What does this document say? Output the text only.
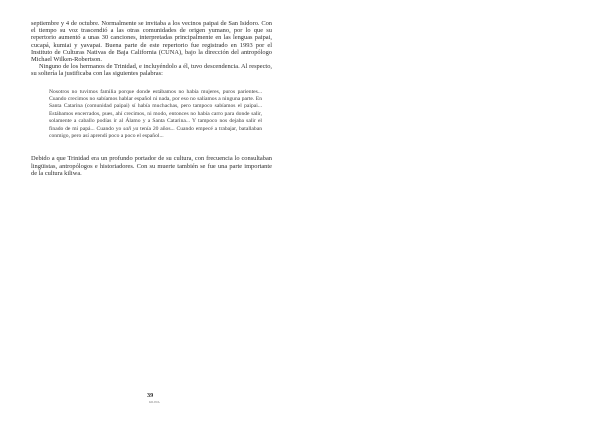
septiembre y 4 de octubre. Normalmente se invitaba a los vecinos paipai de San Isidoro. Con el tiempo su voz trascendió a las otras comunidades de origen yumano, por lo que su repertorio aumentó a unas 30 canciones, interpretadas principalmente en las lenguas paipai, cucapá, kumiai y yavapai. Buena parte de este repertorio fue registrado en 1993 por el Instituto de Culturas Nativas de Baja California (CUNA), bajo la dirección del antropólogo Michael Wilken-Robertson.

Ninguno de los hermanos de Trinidad, e incluyéndolo a él, tuvo descendencia. Al respecto, su soltería la justificaba con las siguientes palabras:

Nosotros no tuvimos familia porque donde estábamos no había mujeres, puros parientes... Cuando crecimos no sabíamos hablar español ni nada, por eso no salíamos a ninguna parte. En Santa Catarina (comunidad paipai) sí había muchachas, pero tampoco sabíamos el paipai... Estábamos encerrados, pues, ahí crecimos, ni modo, entonces no había carro para donde salir, solamente a caballo podías ir al Álamo y a Santa Catarina... Y tampoco nos dejaba salir el finado de mi papá... Cuando yo sali ya tenía 20 años... Cuando empecé a trabajar, batallaban conmigo, pero así aprendí poco a poco el español...

Debido a que Trinidad era un profundo portador de su cultura, con frecuencia lo consultaban lingüistas, antropólogos e historiadores. Con su muerte también se fue una parte importante de la cultura kiliwa.

39
KILIWA
